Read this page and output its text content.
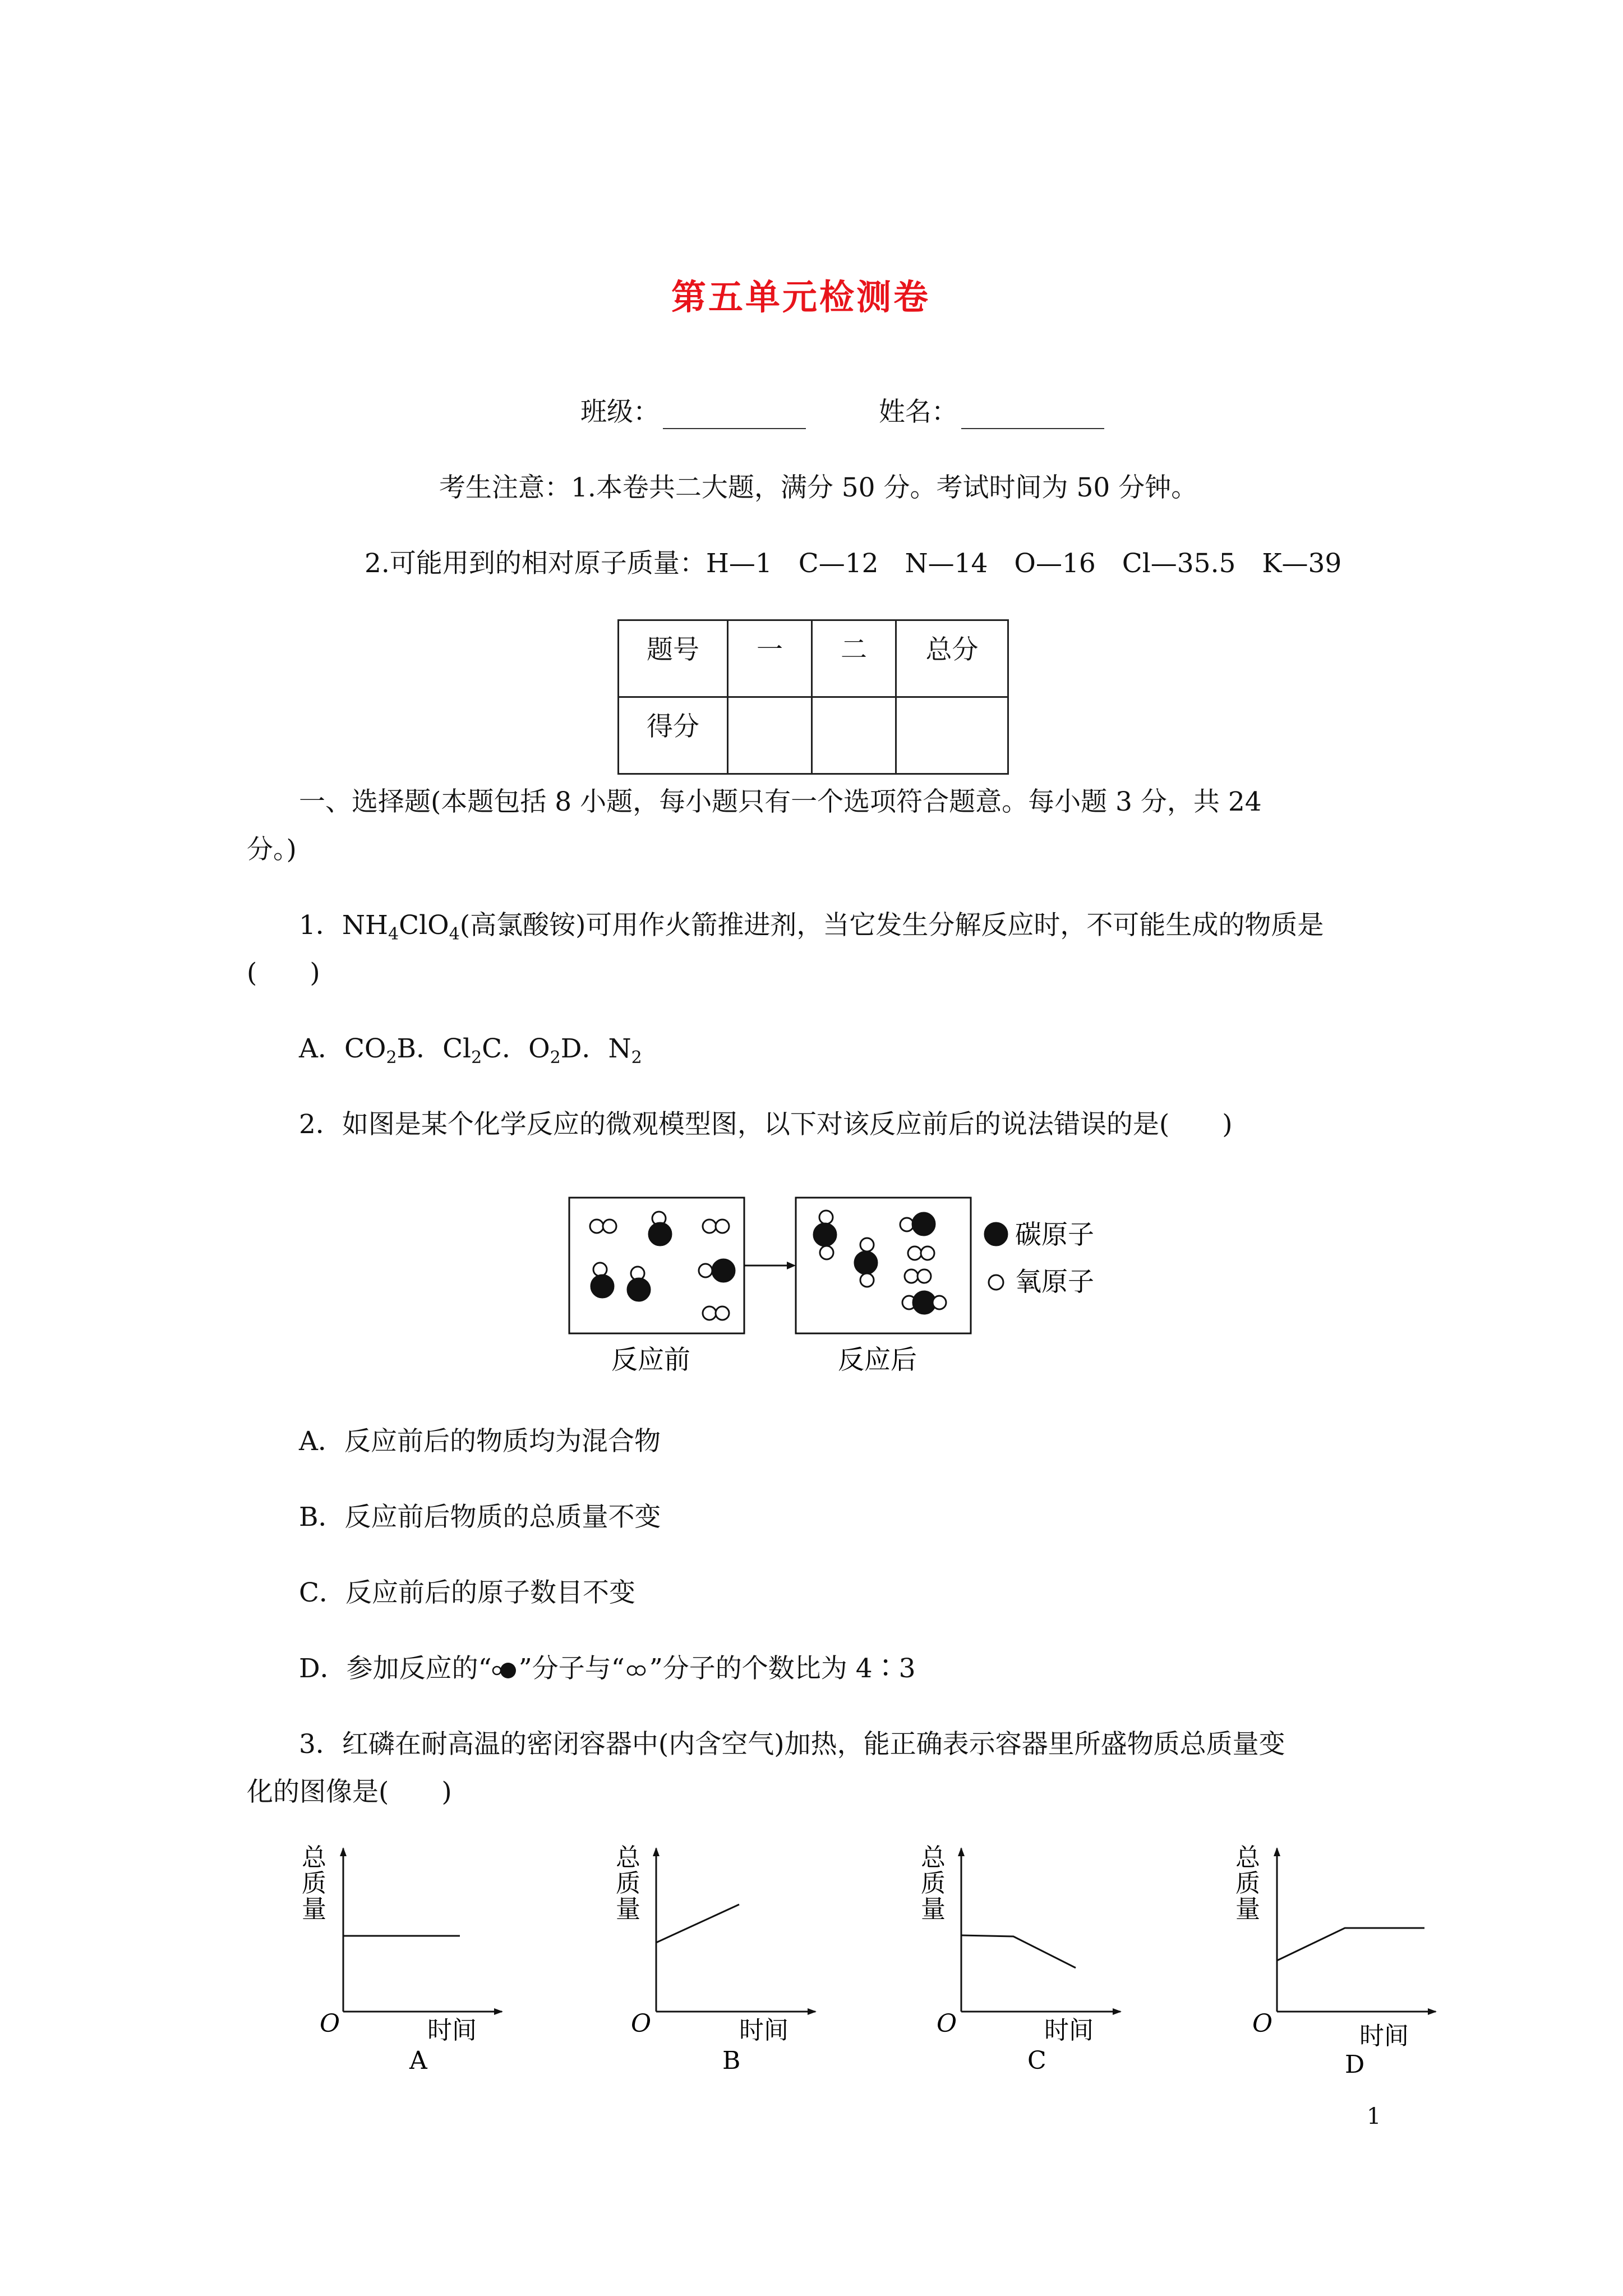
第五单元检测卷
班级：	姓名：
考生注意：1.本卷共二大题，满分 50 分。考试时间为 50 分钟。
2.可能用到的相对原子质量：H—1　C—12　N—14　O—16　Cl—35.5　K—39
题号	一	二	总分
得分			
一、选择题(本题包括 8 小题，每小题只有一个选项符合题意。每小题 3 分，共 24
分。)
1．$NH_4ClO_4$(高氯酸铵)可用作火箭推进剂，当它发生分解反应时，不可能生成的物质是
(　　)
A．$CO_2B$．$Cl_2C$．$O_2D$．$N_2$
2．如图是某个化学反应的微观模型图，以下对该反应前后的说法错误的是(　　)
碳原子
氧原子
反应前	反应后
A．反应前后的物质均为混合物
B．反应前后物质的总质量不变
C．反应前后的原子数目不变
D．参加反应的“ ”分子与“ ”分子的个数比为 4∶3
3．红磷在耐高温的密闭容器中(内含空气)加热，能正确表示容器里所盛物质总质量变
化的图像是(　　)
总
质
量
O	时间
A
总
质
量
O	时间
B
总
质
量
O	时间
C
总
质
量
O	时间
D
1
